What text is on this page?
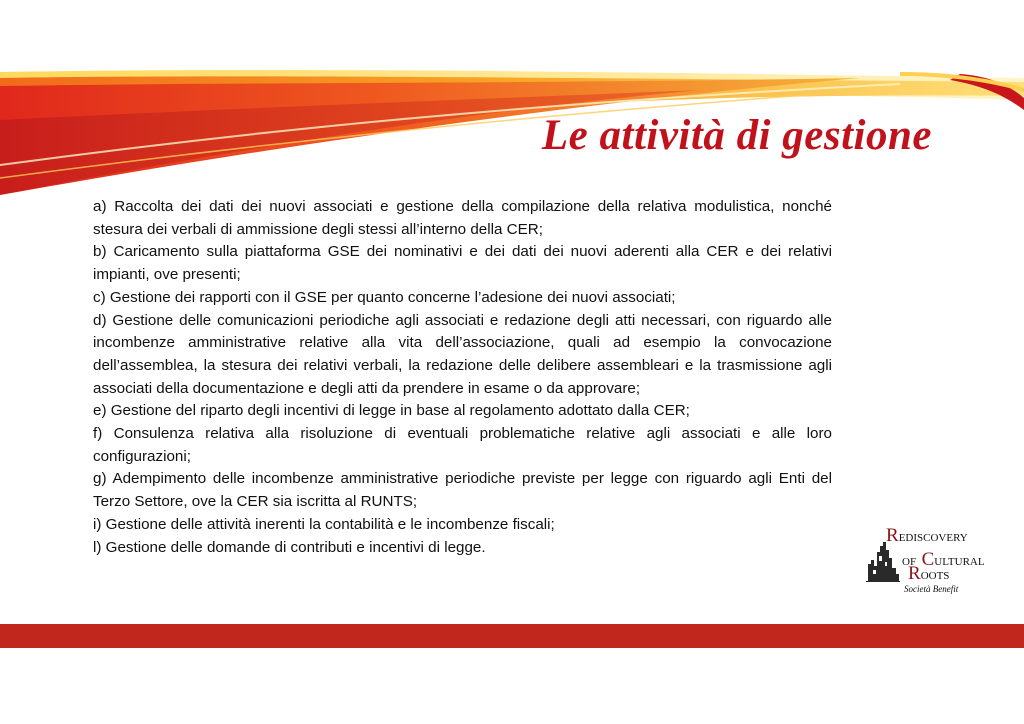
Le attività di gestione

a) Raccolta dei dati dei nuovi associati e gestione della compilazione della relativa modulistica, nonché stesura dei verbali di ammissione degli stessi all’interno della CER;

b) Caricamento sulla piattaforma GSE dei nominativi e dei dati dei nuovi aderenti alla CER e dei relativi impianti, ove presenti;

c) Gestione dei rapporti con il GSE per quanto concerne l’adesione dei nuovi associati;

d) Gestione delle comunicazioni periodiche agli associati e redazione degli atti necessari, con riguardo alle incombenze amministrative relative alla vita dell’associazione, quali ad esempio la convocazione dell’assemblea, la stesura dei relativi verbali, la redazione delle delibere assembleari e la trasmissione agli associati della documentazione e degli atti da prendere in esame o da approvare;

e) Gestione del riparto degli incentivi di legge in base al regolamento adottato dalla CER;

f) Consulenza relativa alla risoluzione di eventuali problematiche relative agli associati e alle loro configurazioni;

g) Adempimento delle incombenze amministrative periodiche previste per legge con riguardo agli Enti del Terzo Settore, ove la CER sia iscritta al RUNTS;

i) Gestione delle attività inerenti la contabilità e le incombenze fiscali;

l) Gestione delle domande di contributi e incentivi di legge.

REDISCOVERY
OF CULTURAL
ROOTS
Società Benefit
